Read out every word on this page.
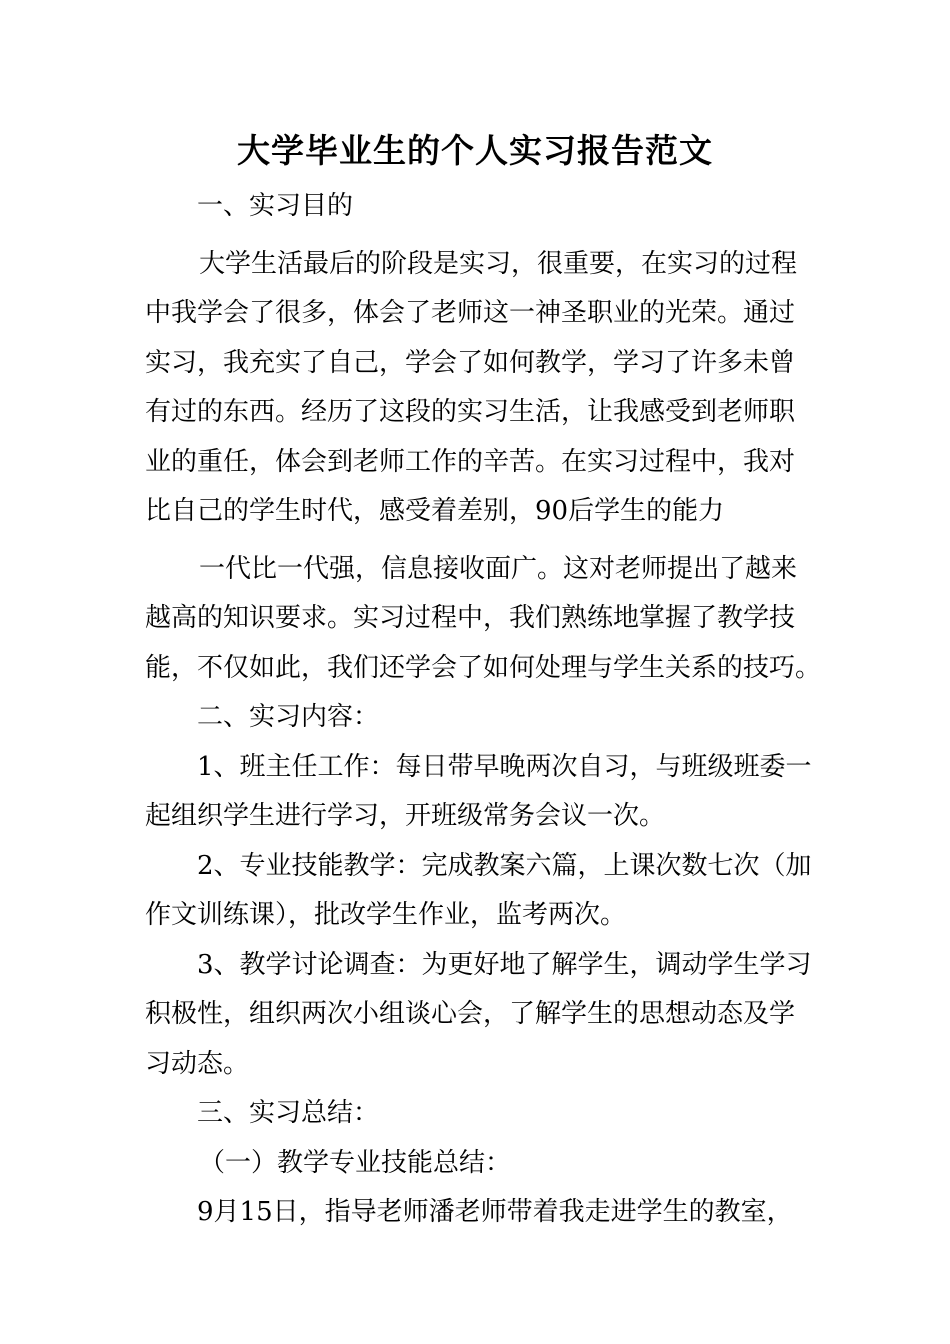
大学毕业生的个人实习报告范文

一、实习目的

大学生活最后的阶段是实习，很重要，在实习的过程

中我学会了很多，体会了老师这一神圣职业的光荣。通过

实习，我充实了自己，学会了如何教学，学习了许多未曾

有过的东西。经历了这段的实习生活，让我感受到老师职

业的重任，体会到老师工作的辛苦。在实习过程中，我对

比自己的学生时代，感受着差别，90后学生的能力

一代比一代强，信息接收面广。这对老师提出了越来

越高的知识要求。实习过程中，我们熟练地掌握了教学技

能，不仅如此，我们还学会了如何处理与学生关系的技巧。

二、实习内容：

1、班主任工作：每日带早晚两次自习，与班级班委一

起组织学生进行学习，开班级常务会议一次。

2、专业技能教学：完成教案六篇，上课次数七次（加

作文训练课），批改学生作业，监考两次。

3、教学讨论调查：为更好地了解学生，调动学生学习

积极性，组织两次小组谈心会，了解学生的思想动态及学

习动态。

三、实习总结：

（一）教学专业技能总结：

9月15日，指导老师潘老师带着我走进学生的教室，
